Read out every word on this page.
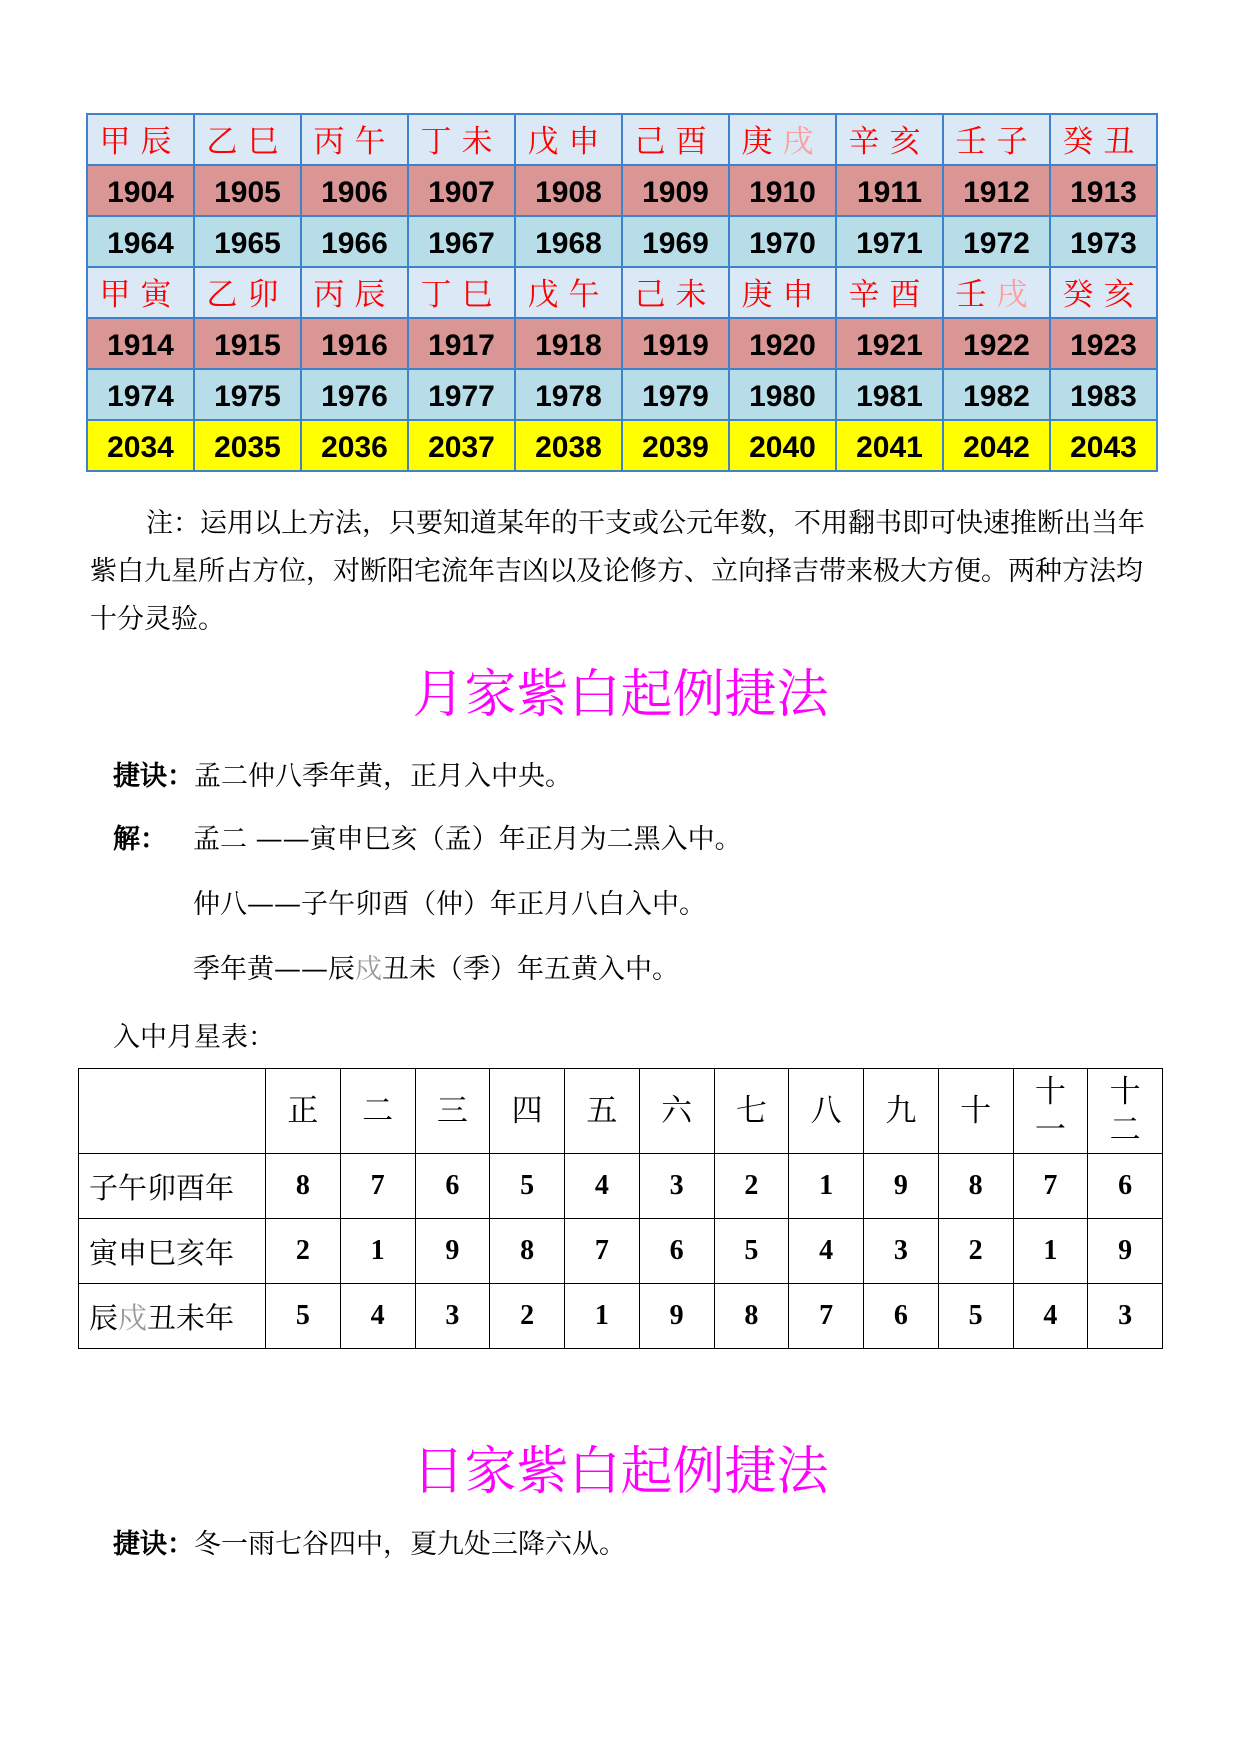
甲辰	乙巳	丙午	丁未	戊申	己酉	庚戌	辛亥	壬子	癸丑
1904	1905	1906	1907	1908	1909	1910	1911	1912	1913
1964	1965	1966	1967	1968	1969	1970	1971	1972	1973
甲寅	乙卯	丙辰	丁巳	戊午	己未	庚申	辛酉	壬戌	癸亥
1914	1915	1916	1917	1918	1919	1920	1921	1922	1923
1974	1975	1976	1977	1978	1979	1980	1981	1982	1983
2034	2035	2036	2037	2038	2039	2040	2041	2042	2043
注：运用以上方法，只要知道某年的干支或公元年数，不用翻书即可快速推断出当年紫白九星所占方位，对断阳宅流年吉凶以及论修方、立向择吉带来极大方便。两种方法均十分灵验。
月家紫白起例捷法
捷诀：孟二仲八季年黄，正月入中央。
解： 孟二 ——寅申巳亥（孟）年正月为二黑入中。
仲八——子午卯酉（仲）年正月八白入中。
季年黄——辰戍丑未（季）年五黄入中。
入中月星表：
	正	二	三	四	五	六	七	八	九	十	十一	十二
子午卯酉年	8	7	6	5	4	3	2	1	9	8	7	6
寅申巳亥年	2	1	9	8	7	6	5	4	3	2	1	9
辰戍丑未年	5	4	3	2	1	9	8	7	6	5	4	3
日家紫白起例捷法
捷诀：冬一雨七谷四中，夏九处三降六从。
